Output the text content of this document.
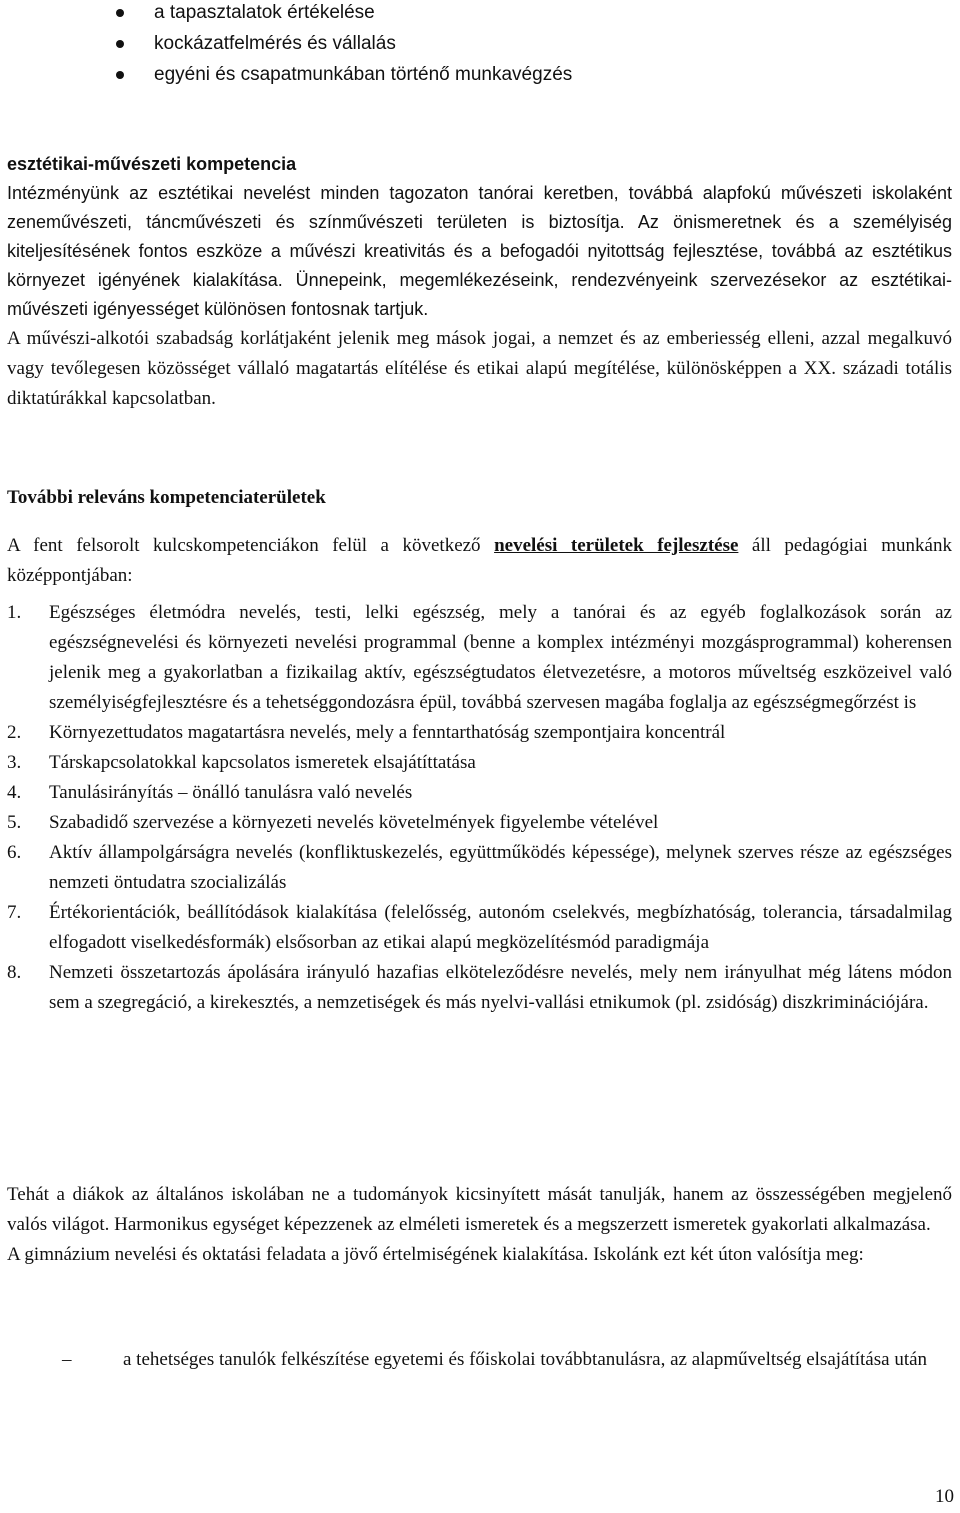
a tapasztalatok értékelése
kockázatfelmérés és vállalás
egyéni és csapatmunkában történő munkavégzés
esztétikai-művészeti kompetencia

Intézményünk az esztétikai nevelést minden tagozaton tanórai keretben, továbbá alapfokú művészeti iskolaként zeneművészeti, táncművészeti és színművészeti területen is biztosítja. Az önismeretnek és a személyiség kiteljesítésének fontos eszköze a művészi kreativitás és a befogadói nyitottság fejlesztése, továbbá az esztétikus környezet igényének kialakítása. Ünnepeink, megemlékezéseink, rendezvényeink szervezésekor az esztétikai-művészeti igényességet különösen fontosnak tartjuk.

A művészi-alkotói szabadság korlátjaként jelenik meg mások jogai, a nemzet és az emberiesség elleni, azzal megalkuvó vagy tevőlegesen közösséget vállaló magatartás elítélése és etikai alapú megítélése, különösképpen a XX. századi totális diktatúrákkal kapcsolatban.

További releváns kompetenciaterületek

A fent felsorolt kulcskompetenciákon felül a következő nevelési területek fejlesztése áll pedagógiai munkánk középpontjában:

1. Egészséges életmódra nevelés, testi, lelki egészség, mely a tanórai és az egyéb foglalkozások során az egészségnevelési és környezeti nevelési programmal (benne a komplex intézményi mozgásprogrammal) koherensen jelenik meg a gyakorlatban a fizikailag aktív, egészségtudatos életvezetésre, a motoros műveltség eszközeivel való személyiségfejlesztésre és a tehetséggondozásra épül, továbbá szervesen magába foglalja az egészségmegőrzést is
2. Környezettudatos magatartásra nevelés, mely a fenntarthatóság szempontjaira koncentrál
3. Társkapcsolatokkal kapcsolatos ismeretek elsajátíttatása
4. Tanulásirányítás – önálló tanulásra való nevelés
5. Szabadidő szervezése a környezeti nevelés követelmények figyelembe vételével
6. Aktív állampolgárságra nevelés (konfliktuskezelés, együttműködés képessége), melynek szerves része az egészséges nemzeti öntudatra szocializálás
7. Értékorientációk, beállítódások kialakítása (felelősség, autonóm cselekvés, megbízhatóság, tolerancia, társadalmilag elfogadott viselkedésformák) elsősorban az etikai alapú megközelítésmód paradigmája
8. Nemzeti összetartozás ápolására irányuló hazafias elköteleződésre nevelés, mely nem irányulhat még látens módon sem a szegregáció, a kirekesztés, a nemzetiségek és más nyelvi-vallási etnikumok (pl. zsidóság) diszkriminációjára.

Tehát a diákok az általános iskolában ne a tudományok kicsinyített mását tanulják, hanem az összességében megjelenő valós világot. Harmonikus egységet képezzenek az elméleti ismeretek és a megszerzett ismeretek gyakorlati alkalmazása.

A gimnázium nevelési és oktatási feladata a jövő értelmiségének kialakítása. Iskolánk ezt két úton valósítja meg:

–	a tehetséges tanulók felkészítése egyetemi és főiskolai továbbtanulásra, az alapműveltség elsajátítása után
10
